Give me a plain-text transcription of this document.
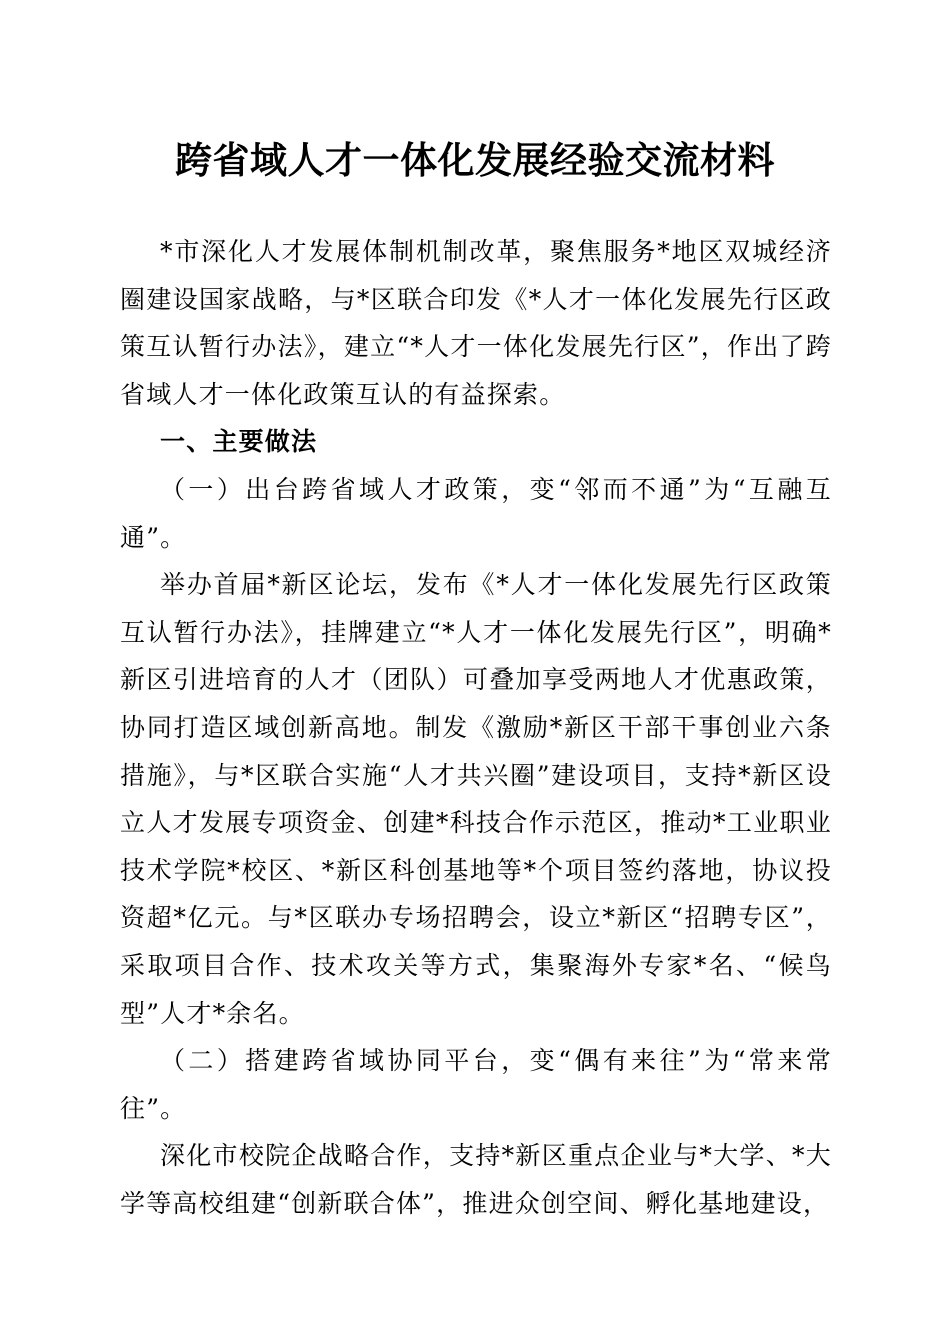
跨省域人才一体化发展经验交流材料

*市深化人才发展体制机制改革，聚焦服务*地区双城经济圈建设国家战略，与*区联合印发《*人才一体化发展先行区政策互认暂行办法》，建立“*人才一体化发展先行区”，作出了跨省域人才一体化政策互认的有益探索。

一、主要做法

（一）出台跨省域人才政策，变“邻而不通”为“互融互通”。

举办首届*新区论坛，发布《*人才一体化发展先行区政策互认暂行办法》，挂牌建立“*人才一体化发展先行区”，明确*新区引进培育的人才（团队）可叠加享受两地人才优惠政策，协同打造区域创新高地。制发《激励*新区干部干事创业六条措施》，与*区联合实施“人才共兴圈”建设项目，支持*新区设立人才发展专项资金、创建*科技合作示范区，推动*工业职业技术学院*校区、*新区科创基地等*个项目签约落地，协议投资超*亿元。与*区联办专场招聘会，设立*新区“招聘专区”，采取项目合作、技术攻关等方式，集聚海外专家*名、“候鸟型”人才*余名。

（二）搭建跨省域协同平台，变“偶有来往”为“常来常往”。

深化市校院企战略合作，支持*新区重点企业与*大学、*大学等高校组建“创新联合体”，推进众创空间、孵化基地建设，
